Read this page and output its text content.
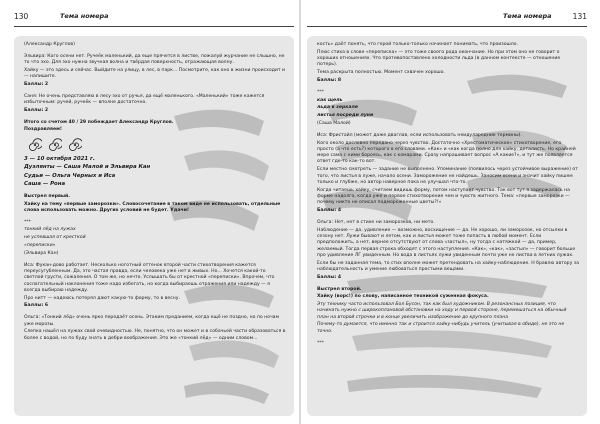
130	Тема номера

(Александр Круглов)

Эльвира: Кого осени нет. Ручеёк маленький, да еще прячется в листве, пожалуй журчание не слышно, не то что эхо. Для эхо нужна звучная волна и твёрдая поверхность, отражающая волну.

Хайку — это здесь и сейчас. Выйдите на улицу, в лес, в парк... Посмотрите, как оно в жизни происходит и — напишите.

Баллы: 2

Саня: Не очень представляю в лесу эхо от ручья, да ещё маленького. «Маленький» тоже кажется избыточным: ручей, ручеёк — вполне достаточно.

Баллы: 2

Итого со счетом 40 / 29 побеждает Александр Круглов.

Поздравляем!

3 — 10 октября 2021 г.

Дуэлянты — Саша Малой и Эльвира Кан

Судьи — Ольга Черных и Иса

Саша — Рона

Выстрел первый.

Хайку на тему «первые заморозки». Словосочетание в таком виде не использовать, отдельные слова использовать можно. Других условий не будет. Удачи!

***

тонкий лёд на лужах

не успевшая от кресткой

«переписки»

(Эльвира Кан)

Иса: Фукан-дово работает. Несколько ноготный оттенок второй части стихотворения кажется переусугубленным. Да, это частая правда, если человека уже нет в живых. Но... Хочется какой-то светлой грусти, сожаления. О том же, но нечто. Услышать бы от крестной «переписки». Впрочем, что сослагательный наклонения тоже надо избегать, но когда выбираешь отражения или надежду — я всегда выбираю надежду.

Про нитт — надеюсь потерял дают какую-то форму, то в весну.

Баллы: 6

Ольга: «Тонкий лёд» очень ярко передаёт осень. Этаким преданием, когда ещё не поздно, но по ночам уже морозы.

Слепка нашёл на лужах свой очевидностью. Не, понятно, что он может и в собачьей части образоваться в более с водой, но по буду знать в дебри воображения. Это же «тонкий лёд» — одним словом...

Тема номера	131

кость» даёт понять, что герой только-только начинает понимать, что произошло.

Плюс стиха в слове «переписка» — это тоже своего рода окончание. Но при этом оно не говорит о хороших отношениях. Что противопоставлено холодности льда (в данном контексте — отношение потерь).

Тема раскрыта полностью. Момент схвачен хорошо.

Баллы: 8

***

как щель

льда в зеркале

листья посреди луни

(Саша Малой)

Иса: Фристайл (может даже дваглав, если использовать неидуларедние термины).

Кого около дословно передано через чувство. Достаточно «Хрестоматическое» стихотворение, его просто (а что есть?) которого в его словами. «Как» и «как когда полно для хайку, деталисть. Но крайней мере сама с ними бороясь, как с комарами. Сразу напрашивает вопрос «А какие?», и тут же появляется ответ где-то как-то вот.

Если местно смотреть — задание не выполнено. Упоминание (появилось через устойчивое выражение) от того, что листья в луже, начало осени. Заморожение не найдешь. Заносим осени и значит хайку пишем только и глубже, но автор наверное пока не улучшал что-то.

Когда читаешь хайку, считаем видишь форму, потом наступает чувство. Так вот тут я задержалась на форме надолго, когда уже и первое стихотворение чем и чувств житного. Тема: «первые заморозки — почему никто не описал подмороженные цветы?!»

Баллы: 4

Ольга: Нет, нет в стихе ни заморозков, ни мето.

Наблюдение — да, удивление — возможно, восхищение — да. Не хорошо, ли заморозок, но отсылки в сезону нет. Лужи бывают и летом, как и листья может тоже попасть в любой момент. Если предположить, а нет, вернее отсутствуют от слова «застыл», ну тогда с натяжкой — да, пример, желаемый. Тогда первая строка обходят с этого наступления. «Как», «как», «застыл» — говорит больше про удивление ЛГ увиденным. Но вода в листьях лужи увиденным почти уже не листва в летних лужах.

Если бы не заданная тема, то стих вполне может претендовать на хайку-наблюдение. Н бравлю автору за наблюдательность и умение любоваться простыми вещами.

Баллы: 4

Выстрел второй.

Хайку (ворс!) по слову, написанное техникой суженная фокуса.

Эту технику часто использовал Бол Бусон, так как был художником. В резонансных позиция, что начинать нужно с широкоплановой обстановки на ходу и первой стороне, перемешаться на обычный план на второй строчки и в конце увеличить изображение до крупного плана

Почему-то думается, что именно так и строится хайку-нибудь учитель (учитывая в обиде), не это не точно.

***
